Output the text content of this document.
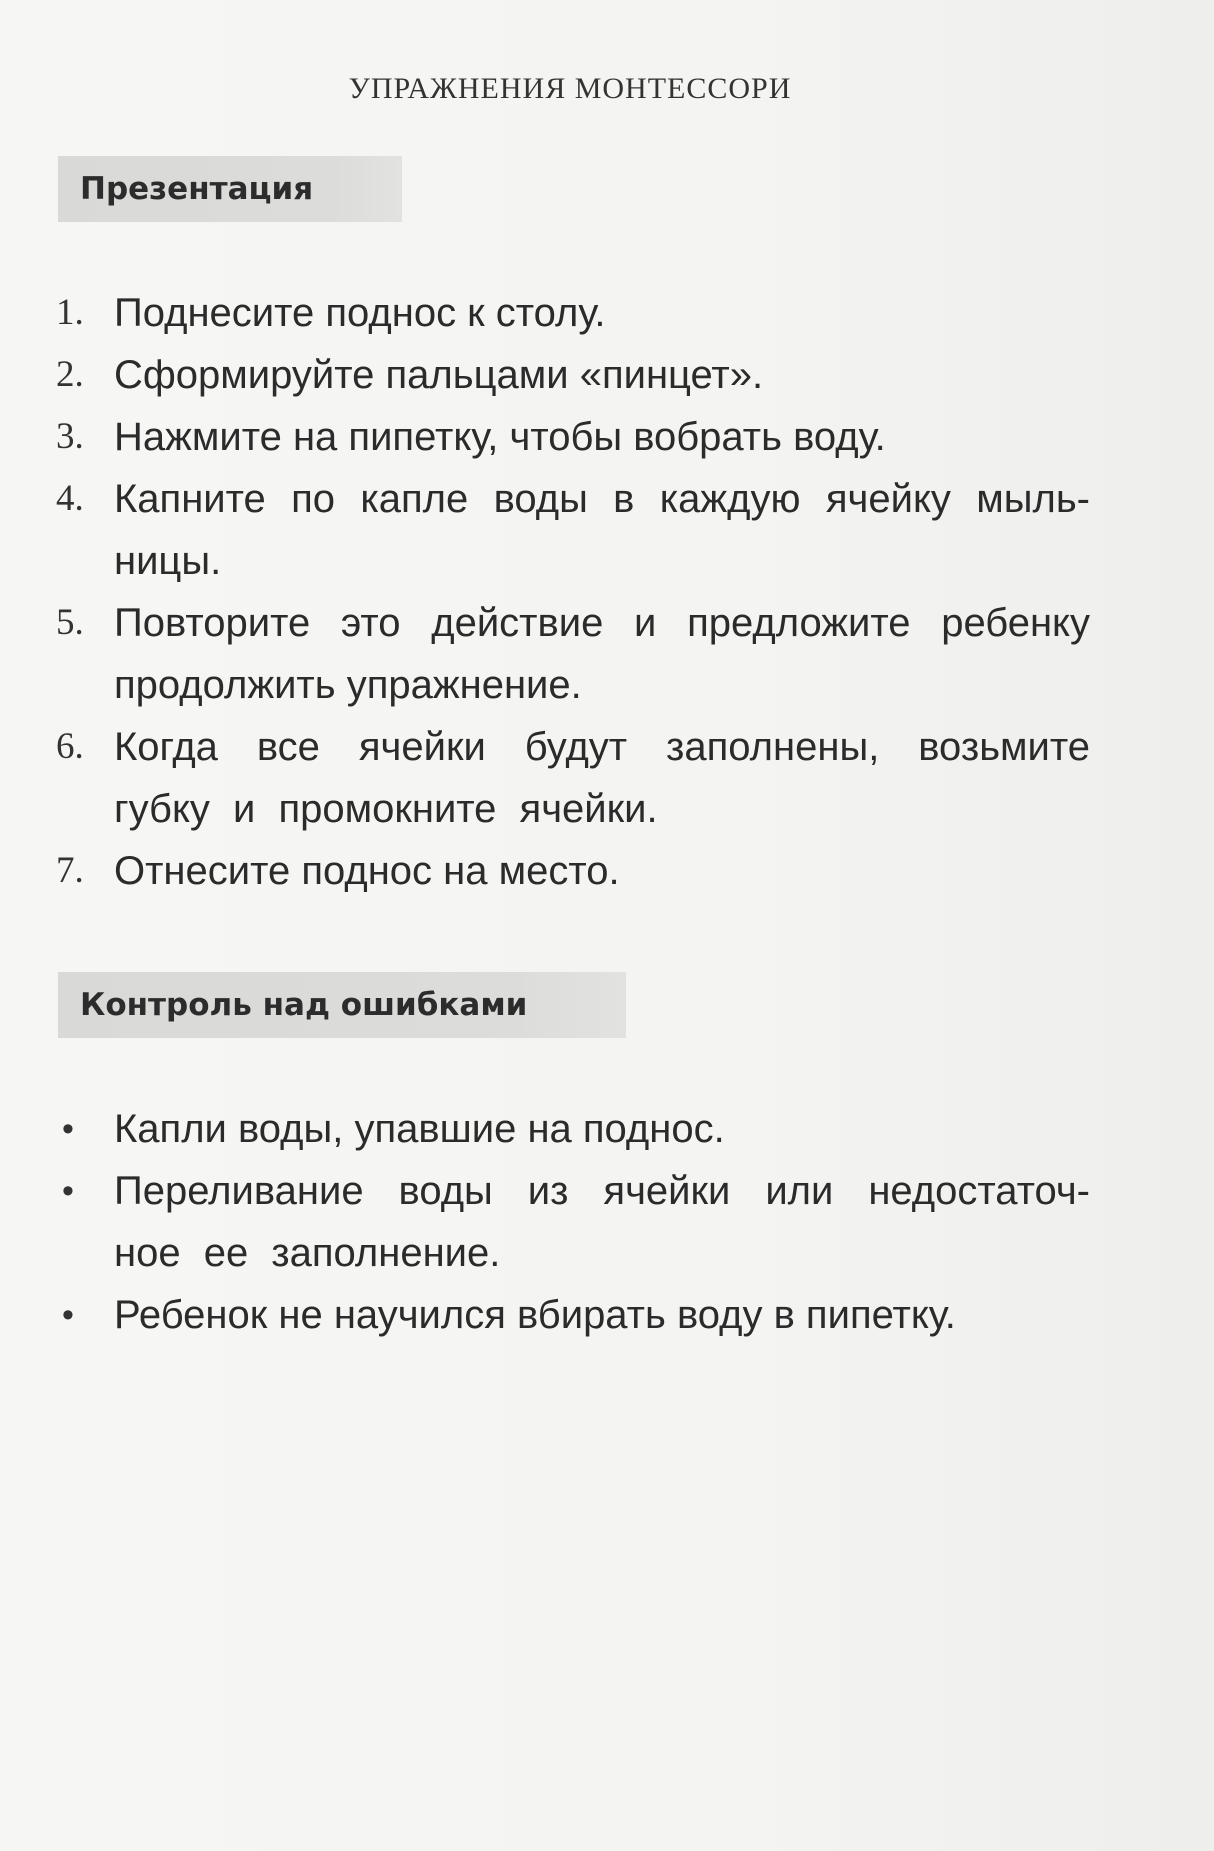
УПРАЖНЕНИЯ МОНТЕССОРИ
Презентация
1. Поднесите поднос к столу.
2. Сформируйте пальцами «пинцет».
3. Нажмите на пипетку, чтобы вобрать воду.
4. Капните по капле воды в каждую ячейку мыль-ницы.
5. Повторите это действие и предложите ребенку продолжить упражнение.
6. Когда все ячейки будут заполнены, возьмите губку и промокните ячейки.
7. Отнесите поднос на место.
Контроль над ошибками
• Капли воды, упавшие на поднос.
• Переливание воды из ячейки или недостаточ-ное ее заполнение.
• Ребенок не научился вбирать воду в пипетку.
